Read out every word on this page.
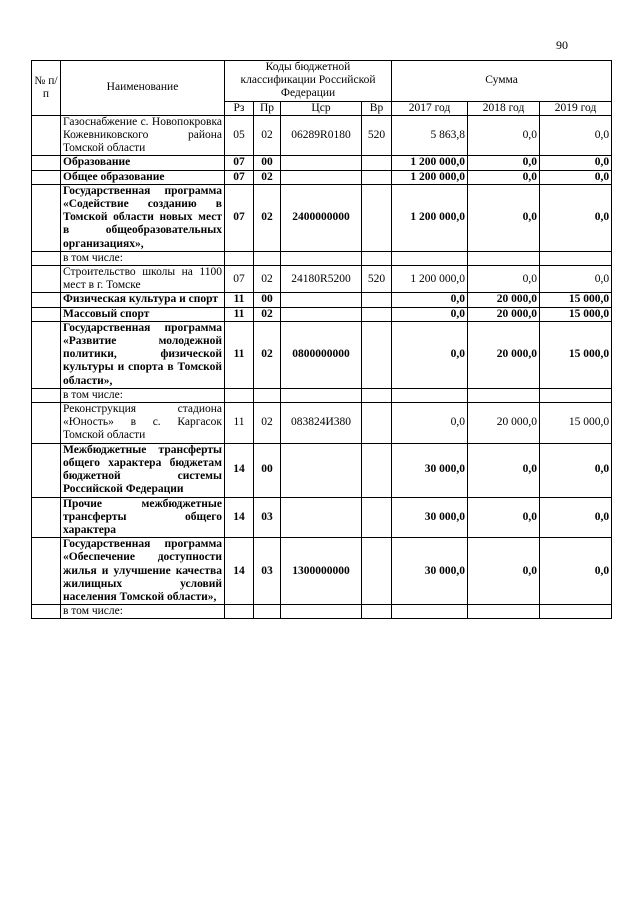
90
№ п/п	Наименование	Коды бюджетной классификации Российской Федерации				Сумма		
		Рз	Пр	Цср	Вр	2017 год	2018 год	2019 год
	Газоснабжение с. Новопокровка Кожевниковского района Томской области	05	02	06289R0180	520	5 863,8	0,0	0,0
	Образование	07	00			1 200 000,0	0,0	0,0
	Общее образование	07	02			1 200 000,0	0,0	0,0
	Государственная программа «Содействие созданию в Томской области новых мест в общеобразовательных организациях»,	07	02	2400000000		1 200 000,0	0,0	0,0
	в том числе:							
	Строительство школы на 1100 мест в г. Томске	07	02	24180R5200	520	1 200 000,0	0,0	0,0
	Физическая культура и спорт	11	00			0,0	20 000,0	15 000,0
	Массовый спорт	11	02			0,0	20 000,0	15 000,0
	Государственная программа «Развитие молодежной политики, физической культуры и спорта в Томской области»,	11	02	0800000000		0,0	20 000,0	15 000,0
	в том числе:							
	Реконструкция стадиона «Юность» в с. Каргасок Томской области	11	02	083824И380		0,0	20 000,0	15 000,0
	Межбюджетные трансферты общего характера бюджетам бюджетной системы Российской Федерации	14	00			30 000,0	0,0	0,0
	Прочие межбюджетные трансферты общего характера	14	03			30 000,0	0,0	0,0
	Государственная программа «Обеспечение доступности жилья и улучшение качества жилищных условий населения Томской области»,	14	03	1300000000		30 000,0	0,0	0,0
	в том числе:							
